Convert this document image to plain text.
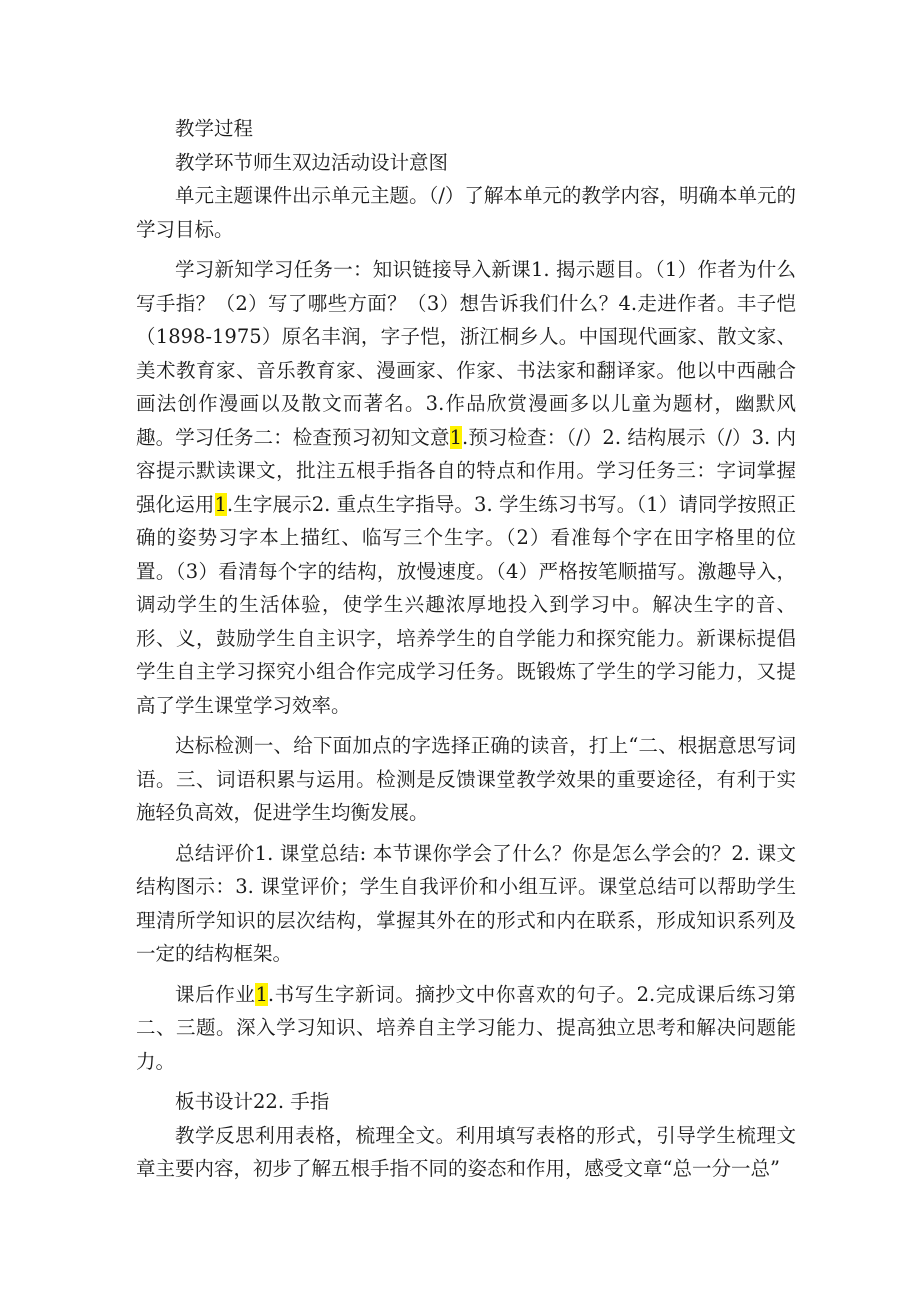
教学过程

教学环节师生双边活动设计意图

单元主题课件出示单元主题。（/）了解本单元的教学内容，明确本单元的学习目标。

学习新知学习任务一：知识链接导入新课1. 揭示题目。（1）作者为什么写手指？（2）写了哪些方面？（3）想告诉我们什么？4.走进作者。丰子恺（1898-1975）原名丰润，字子恺，浙江桐乡人。中国现代画家、散文家、美术教育家、音乐教育家、漫画家、作家、书法家和翻译家。他以中西融合画法创作漫画以及散文而著名。3.作品欣赏漫画多以儿童为题材，幽默风趣。学习任务二：检查预习初知文意1.预习检查：（/）2. 结构展示（/）3. 内容提示默读课文，批注五根手指各自的特点和作用。学习任务三：字词掌握强化运用1.生字展示2. 重点生字指导。3. 学生练习书写。（1）请同学按照正确的姿势习字本上描红、临写三个生字。（2）看准每个字在田字格里的位置。（3）看清每个字的结构，放慢速度。（4）严格按笔顺描写。激趣导入，调动学生的生活体验，使学生兴趣浓厚地投入到学习中。解决生字的音、形、义，鼓励学生自主识字，培养学生的自学能力和探究能力。新课标提倡学生自主学习探究小组合作完成学习任务。既锻炼了学生的学习能力，又提高了学生课堂学习效率。

达标检测一、给下面加点的字选择正确的读音，打上“二、根据意思写词语。三、词语积累与运用。检测是反馈课堂教学效果的重要途径，有利于实施轻负高效，促进学生均衡发展。

总结评价1. 课堂总结: 本节课你学会了什么？你是怎么学会的？2. 课文结构图示：3. 课堂评价；学生自我评价和小组互评。课堂总结可以帮助学生理清所学知识的层次结构，掌握其外在的形式和内在联系，形成知识系列及一定的结构框架。

课后作业1.书写生字新词。摘抄文中你喜欢的句子。2.完成课后练习第二、三题。深入学习知识、培养自主学习能力、提高独立思考和解决问题能力。

板书设计22. 手指

教学反思利用表格，梳理全文。利用填写表格的形式，引导学生梳理文章主要内容，初步了解五根手指不同的姿态和作用，感受文章“总一分一总”
